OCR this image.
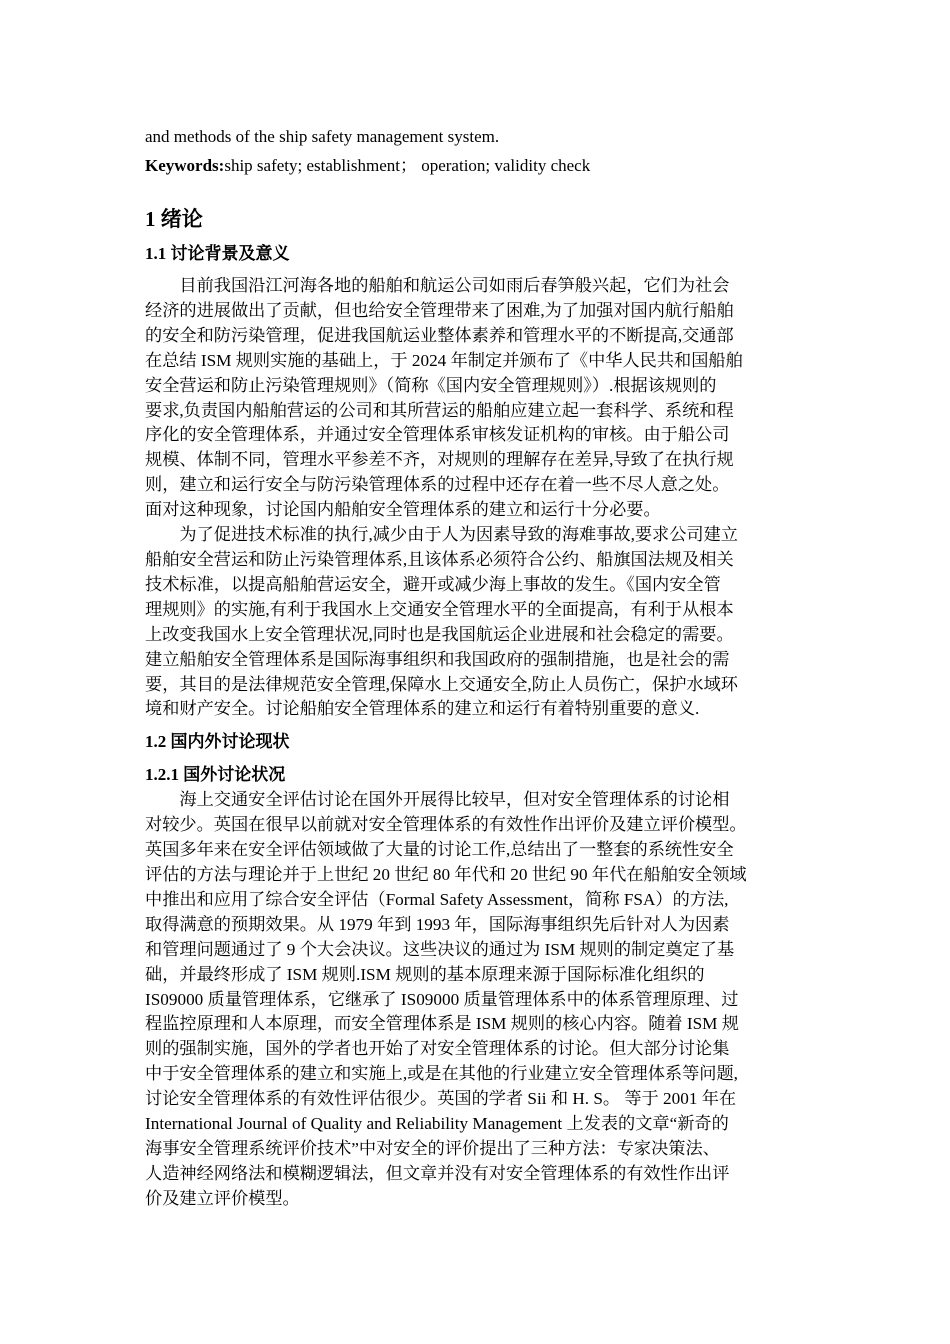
and methods of the ship safety management system.

Keywords:ship safety; establishment； operation; validity check

1 绪论
1.1 讨论背景及意义
目前我国沿江河海各地的船舶和航运公司如雨后春笋般兴起，它们为社会
经济的进展做出了贡献，但也给安全管理带来了困难,为了加强对国内航行船舶
的安全和防污染管理，促进我国航运业整体素养和管理水平的不断提高,交通部
在总结 ISM 规则实施的基础上，于 2024 年制定并颁布了《中华人民共和国船舶
安全营运和防止污染管理规则》（简称《国内安全管理规则》）.根据该规则的
要求,负责国内船舶营运的公司和其所营运的船舶应建立起一套科学、系统和程
序化的安全管理体系，并通过安全管理体系审核发证机构的审核。由于船公司
规模、体制不同，管理水平参差不齐，对规则的理解存在差异,导致了在执行规
则，建立和运行安全与防污染管理体系的过程中还存在着一些不尽人意之处。
面对这种现象，讨论国内船舶安全管理体系的建立和运行十分必要。
为了促进技术标准的执行,减少由于人为因素导致的海难事故,要求公司建立
船舶安全营运和防止污染管理体系,且该体系必须符合公约、船旗国法规及相关
技术标准，以提高船舶营运安全，避开或减少海上事故的发生。《国内安全管
理规则》的实施,有利于我国水上交通安全管理水平的全面提高，有利于从根本
上改变我国水上安全管理状况,同时也是我国航运企业进展和社会稳定的需要。
建立船舶安全管理体系是国际海事组织和我国政府的强制措施，也是社会的需
要，其目的是法律规范安全管理,保障水上交通安全,防止人员伤亡，保护水域环
境和财产安全。讨论船舶安全管理体系的建立和运行有着特别重要的意义.
1.2 国内外讨论现状
1.2.1 国外讨论状况
海上交通安全评估讨论在国外开展得比较早，但对安全管理体系的讨论相
对较少。英国在很早以前就对安全管理体系的有效性作出评价及建立评价模型。
英国多年来在安全评估领域做了大量的讨论工作,总结出了一整套的系统性安全
评估的方法与理论并于上世纪 20 世纪 80 年代和 20 世纪 90 年代在船舶安全领域
中推出和应用了综合安全评估（Formal Safety Assessment，简称 FSA）的方法,
取得满意的预期效果。从 1979 年到 1993 年，国际海事组织先后针对人为因素
和管理问题通过了 9 个大会决议。这些决议的通过为 ISM 规则的制定奠定了基
础，并最终形成了 ISM 规则.ISM 规则的基本原理来源于国际标准化组织的
IS09000 质量管理体系，它继承了 IS09000 质量管理体系中的体系管理原理、过
程监控原理和人本原理，而安全管理体系是 ISM 规则的核心内容。随着 ISM 规
则的强制实施，国外的学者也开始了对安全管理体系的讨论。但大部分讨论集
中于安全管理体系的建立和实施上,或是在其他的行业建立安全管理体系等问题,
讨论安全管理体系的有效性评估很少。英国的学者 Sii 和 H. S。 等于 2001 年在
International Journal of Quality and Reliability Management 上发表的文章“新奇的
海事安全管理系统评价技术”中对安全的评价提出了三种方法：专家决策法、
人造神经网络法和模糊逻辑法，但文章并没有对安全管理体系的有效性作出评
价及建立评价模型。
